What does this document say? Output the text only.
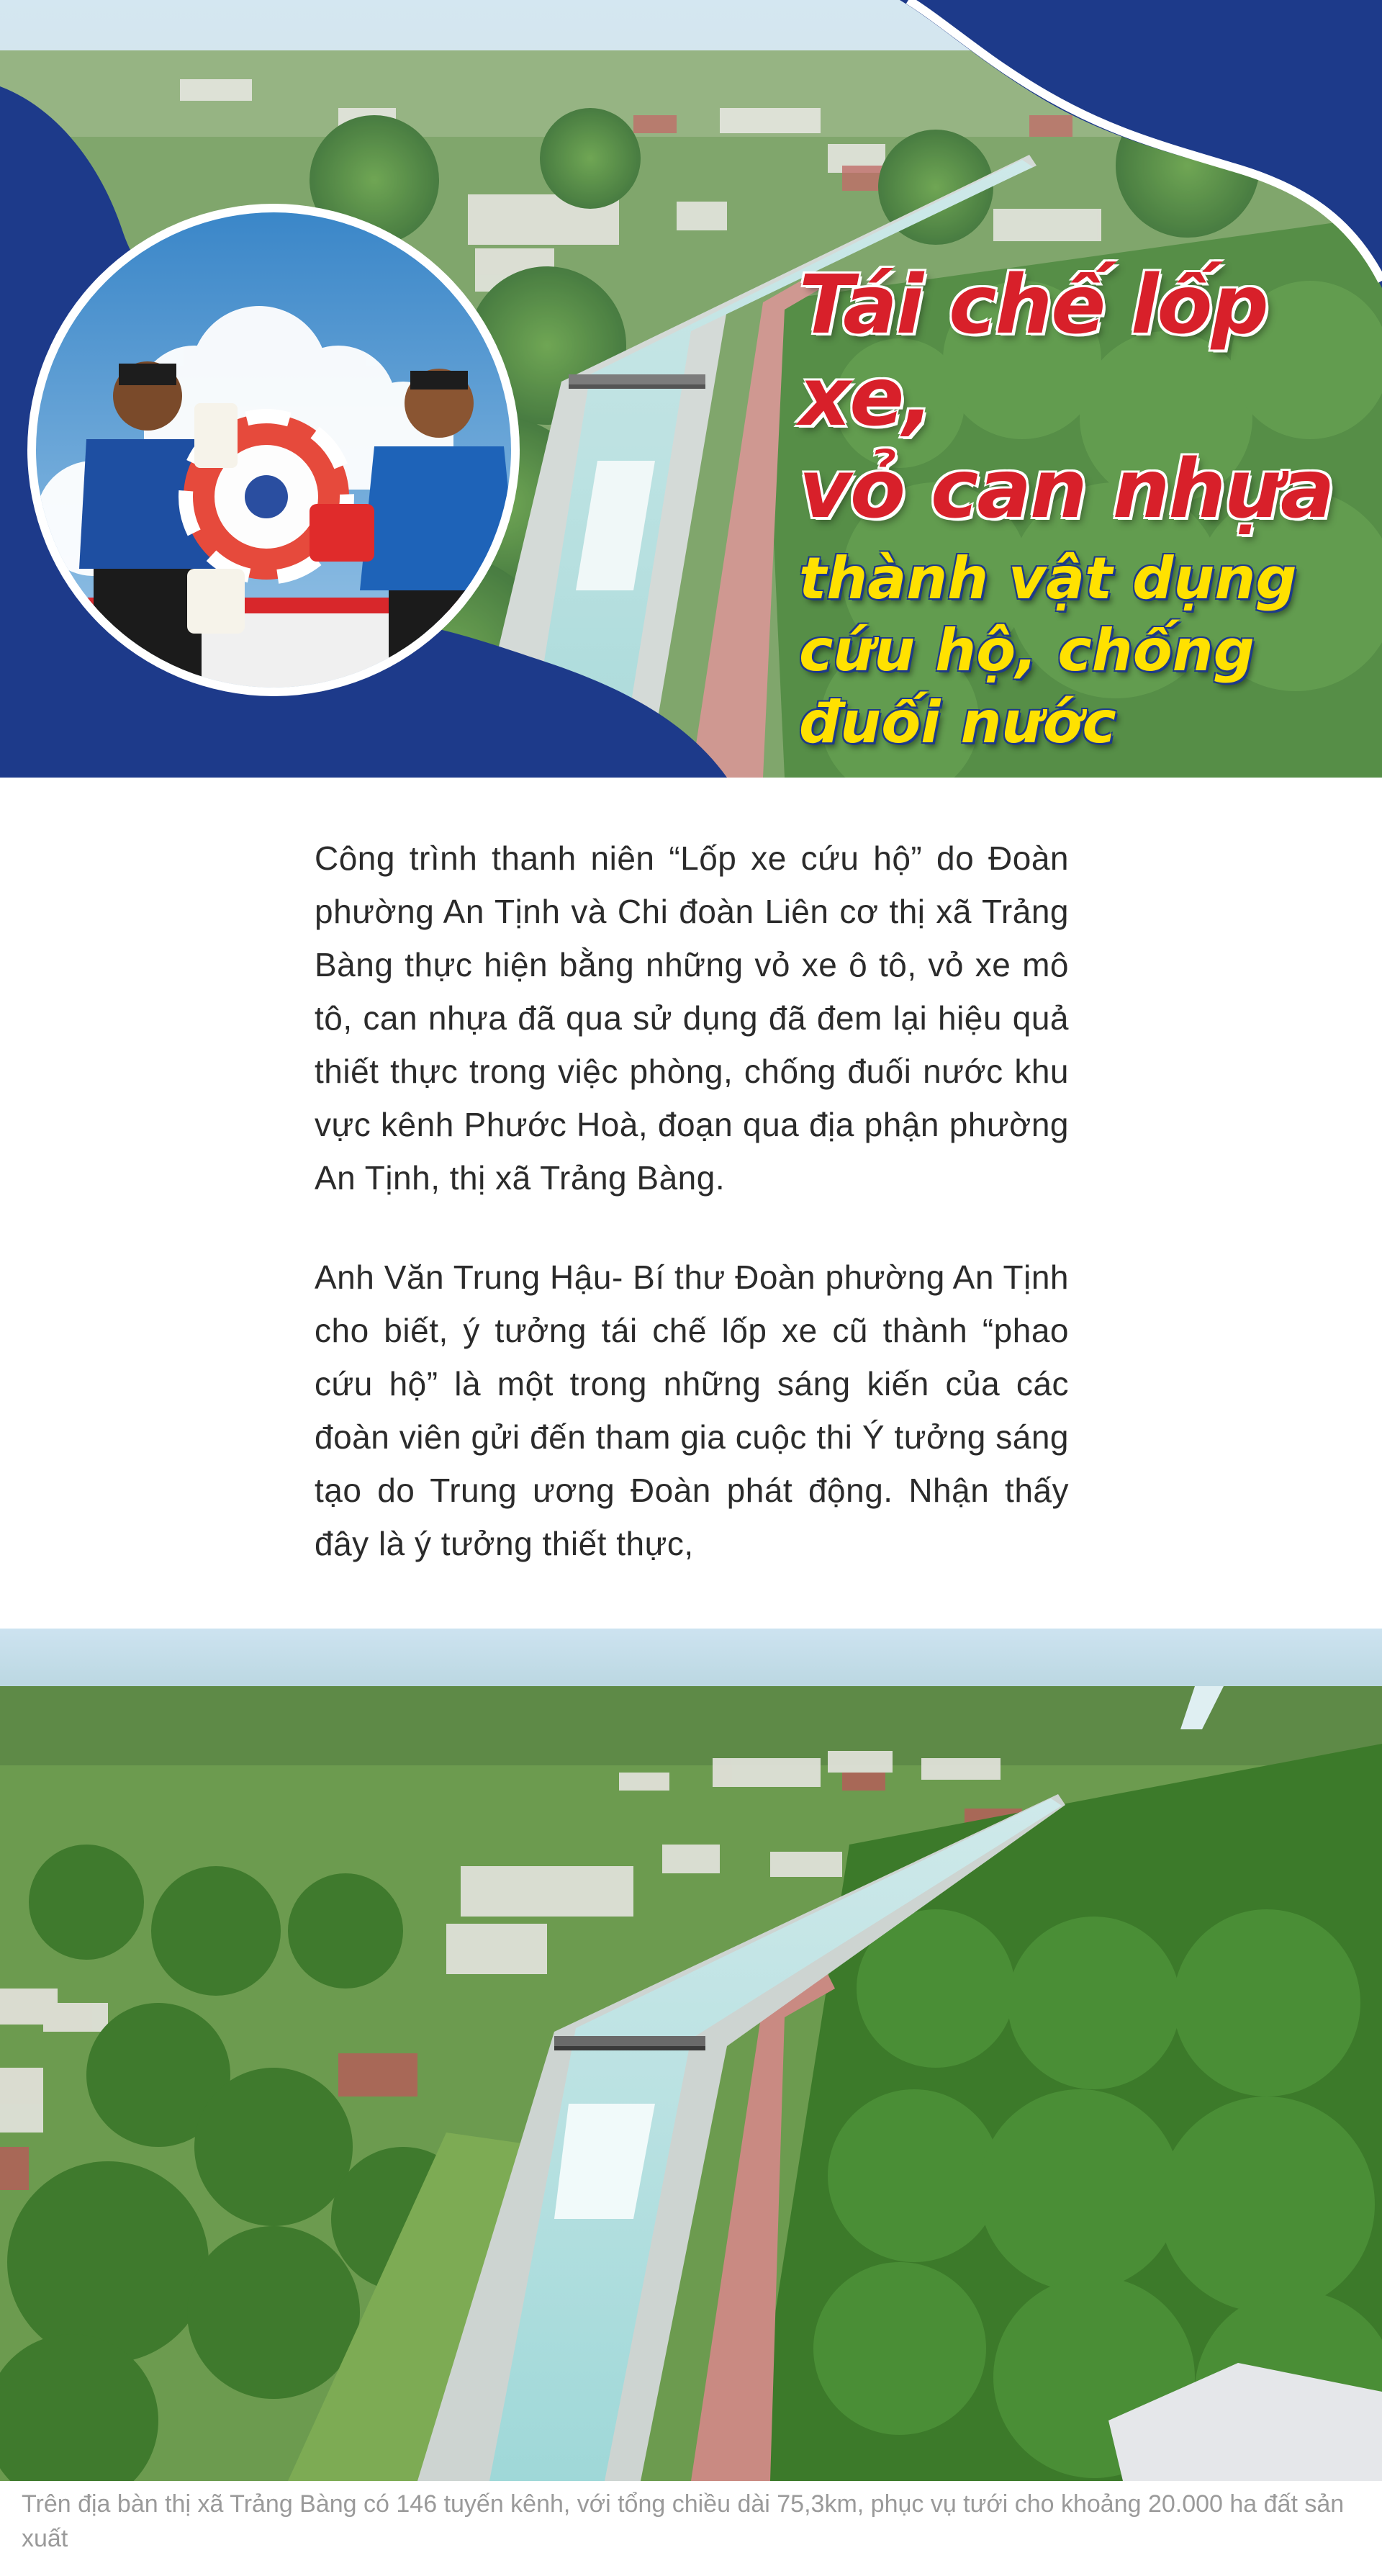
Tái chế lốp xe,
vỏ can nhựa
thành vật dụng
cứu hộ, chống
đuối nước

Công trình thanh niên “Lốp xe cứu hộ” do Đoàn phường An Tịnh và Chi đoàn Liên cơ thị xã Trảng Bàng thực hiện bằng những vỏ xe ô tô, vỏ xe mô tô, can nhựa đã qua sử dụng đã đem lại hiệu quả thiết thực trong việc phòng, chống đuối nước khu vực kênh Phước Hoà, đoạn qua địa phận phường An Tịnh, thị xã Trảng Bàng.

Anh Văn Trung Hậu- Bí thư Đoàn phường An Tịnh cho biết, ý tưởng tái chế lốp xe cũ thành “phao cứu hộ” là một trong những sáng kiến của các đoàn viên gửi đến tham gia cuộc thi Ý tưởng sáng tạo do Trung ương Đoàn phát động. Nhận thấy đây là ý tưởng thiết thực,

Trên địa bàn thị xã Trảng Bàng có 146 tuyến kênh, với tổng chiều dài 75,3km, phục vụ tưới cho khoảng 20.000 ha đất sản xuất
